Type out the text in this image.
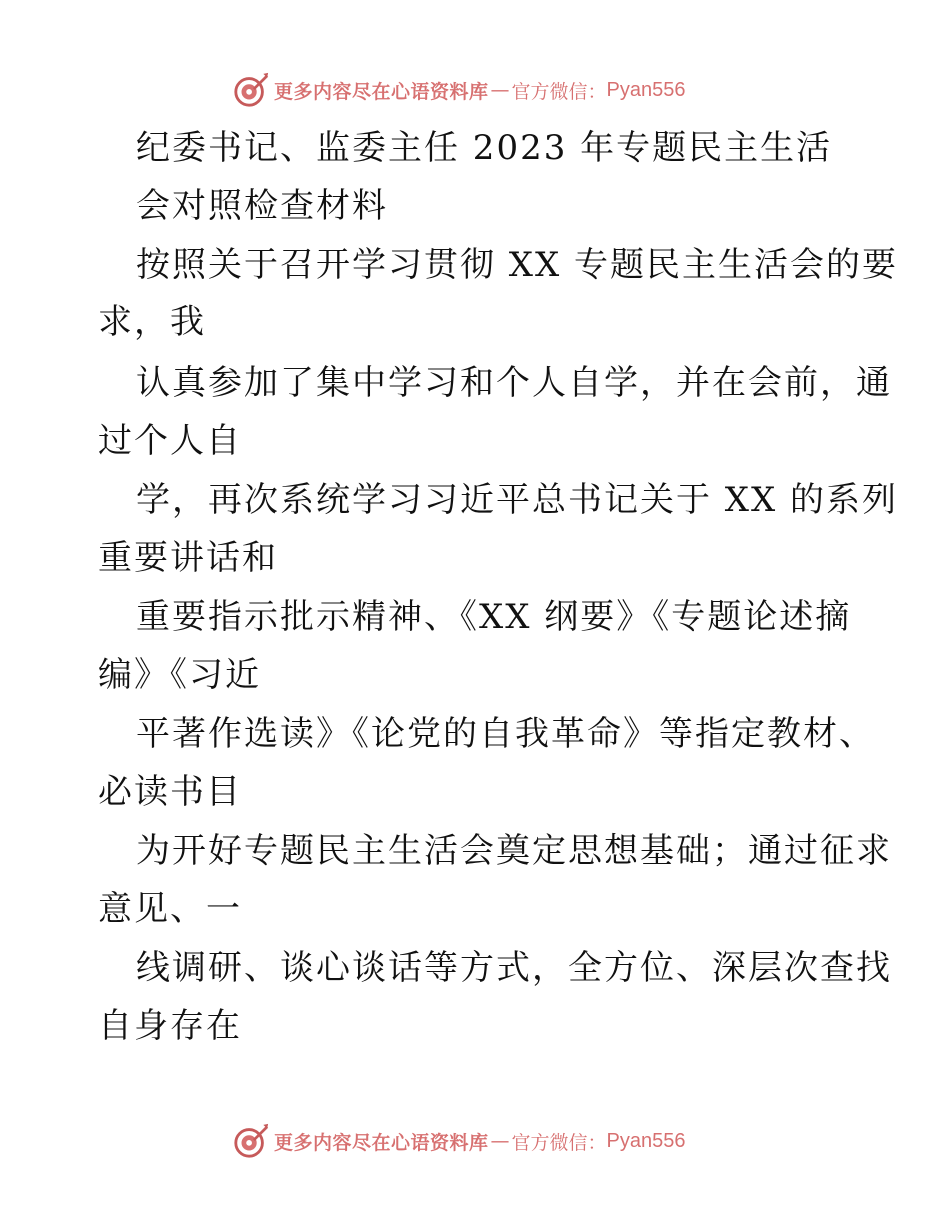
更多内容尽在心语资料库 — 官方微信： Pyan556
纪委书记、监委主任 2023 年专题民主生活
会对照检查材料
按照关于召开学习贯彻 XX 专题民主生活会的要
求，我
认真参加了集中学习和个人自学，并在会前，通
过个人自
学，再次系统学习习近平总书记关于 XX 的系列
重要讲话和
重要指示批示精神、《XX 纲要》《专题论述摘
编》《习近
平著作选读》《论党的自我革命》等指定教材、
必读书目
为开好专题民主生活会奠定思想基础；通过征求
意见、一
线调研、谈心谈话等方式，全方位、深层次查找
自身存在
更多内容尽在心语资料库 — 官方微信： Pyan556
